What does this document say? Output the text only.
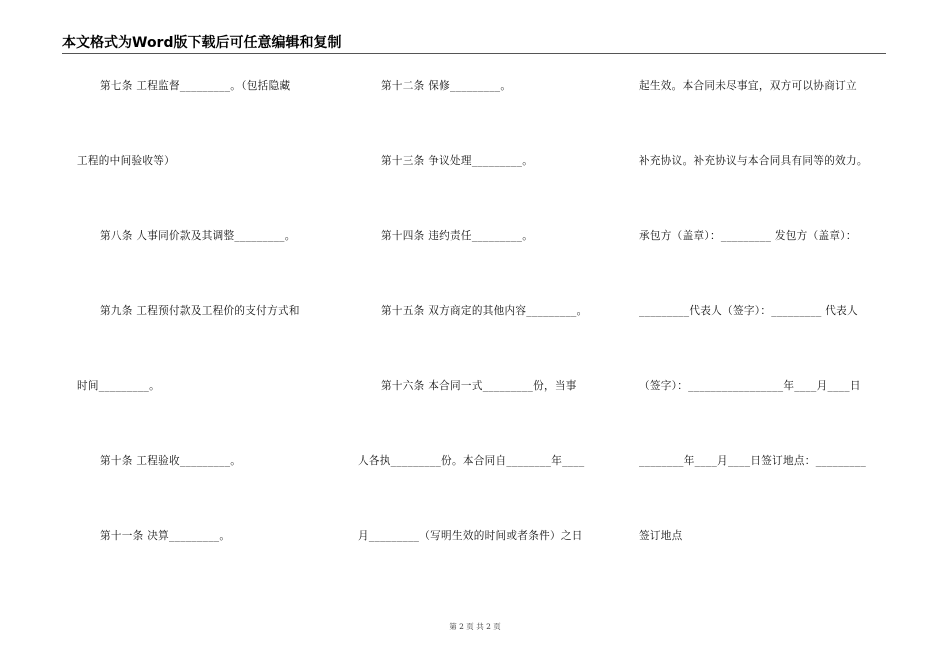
本文格式为Word版下载后可任意编辑和复制
第七条 工程监督_________。（包括隐藏
工程的中间验收等）
第八条 人事同价款及其调整_________。
第九条 工程预付款及工程价的支付方式和
时间_________。
第十条 工程验收_________。
第十一条 决算_________。
第十二条 保修_________。
第十三条 争议处理_________。
第十四条 违约责任_________。
第十五条 双方商定的其他内容_________。
第十六条 本合同一式_________份，当事
人各执_________份。本合同自________年____
月_________（写明生效的时间或者条件）之日
起生效。本合同未尽事宜，双方可以协商订立
补充协议。补充协议与本合同具有同等的效力。
承包方（盖章）：_________ 发包方（盖章）：
_________代表人（签字）：_________ 代表人
（签字）：_________________年____月____日
________年____月____日签订地点：_________
签订地点
第 2 页 共 2 页
